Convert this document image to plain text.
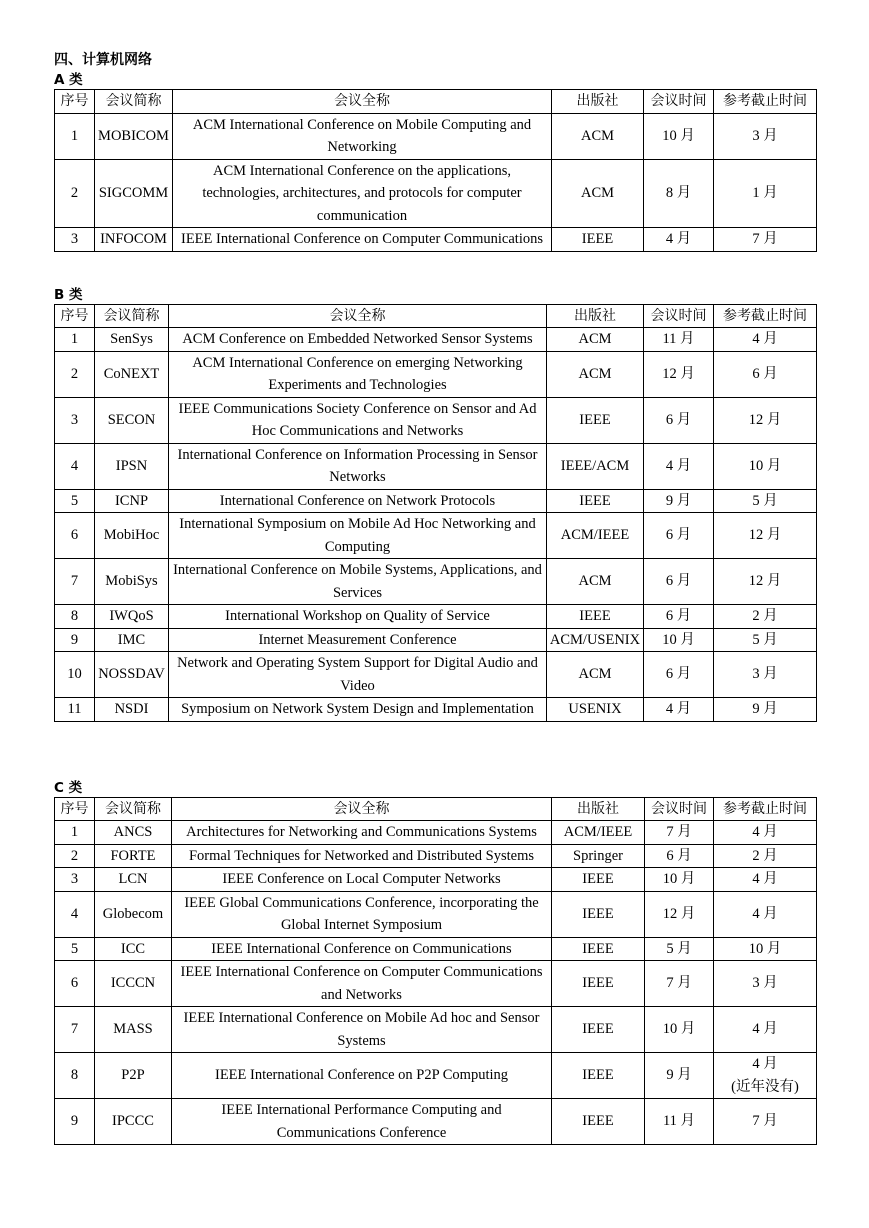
四、计算机网络
A 类
序号	会议简称	会议全称	出版社	会议时间	参考截止时间
1	MOBICOM	ACM International Conference on Mobile Computing and Networking	ACM	10 月	3 月
2	SIGCOMM	ACM International Conference on the applications, technologies, architectures, and protocols for computer communication	ACM	8 月	1 月
3	INFOCOM	IEEE International Conference on Computer Communications	IEEE	4 月	7 月
B 类
序号	会议简称	会议全称	出版社	会议时间	参考截止时间
1	SenSys	ACM Conference on Embedded Networked Sensor Systems	ACM	11 月	4 月
2	CoNEXT	ACM International Conference on emerging Networking Experiments and Technologies	ACM	12 月	6 月
3	SECON	IEEE Communications Society Conference on Sensor and Ad Hoc Communications and Networks	IEEE	6 月	12 月
4	IPSN	International Conference on Information Processing in Sensor Networks	IEEE/ACM	4 月	10 月
5	ICNP	International Conference on Network Protocols	IEEE	9 月	5 月
6	MobiHoc	International Symposium on Mobile Ad Hoc Networking and Computing	ACM/IEEE	6 月	12 月
7	MobiSys	International Conference on Mobile Systems, Applications, and Services	ACM	6 月	12 月
8	IWQoS	International Workshop on Quality of Service	IEEE	6 月	2 月
9	IMC	Internet Measurement Conference	ACM/USENIX	10 月	5 月
10	NOSSDAV	Network and Operating System Support for Digital Audio and Video	ACM	6 月	3 月
11	NSDI	Symposium on Network System Design and Implementation	USENIX	4 月	9 月
C 类
序号	会议简称	会议全称	出版社	会议时间	参考截止时间
1	ANCS	Architectures for Networking and Communications Systems	ACM/IEEE	7 月	4 月
2	FORTE	Formal Techniques for Networked and Distributed Systems	Springer	6 月	2 月
3	LCN	IEEE Conference on Local Computer Networks	IEEE	10 月	4 月
4	Globecom	IEEE Global Communications Conference, incorporating the Global Internet Symposium	IEEE	12 月	4 月
5	ICC	IEEE International Conference on Communications	IEEE	5 月	10 月
6	ICCCN	IEEE International Conference on Computer Communications and Networks	IEEE	7 月	3 月
7	MASS	IEEE International Conference on Mobile Ad hoc and Sensor Systems	IEEE	10 月	4 月
8	P2P	IEEE International Conference on P2P Computing	IEEE	9 月	4 月
(近年没有)
9	IPCCC	IEEE International Performance Computing and Communications Conference	IEEE	11 月	7 月
